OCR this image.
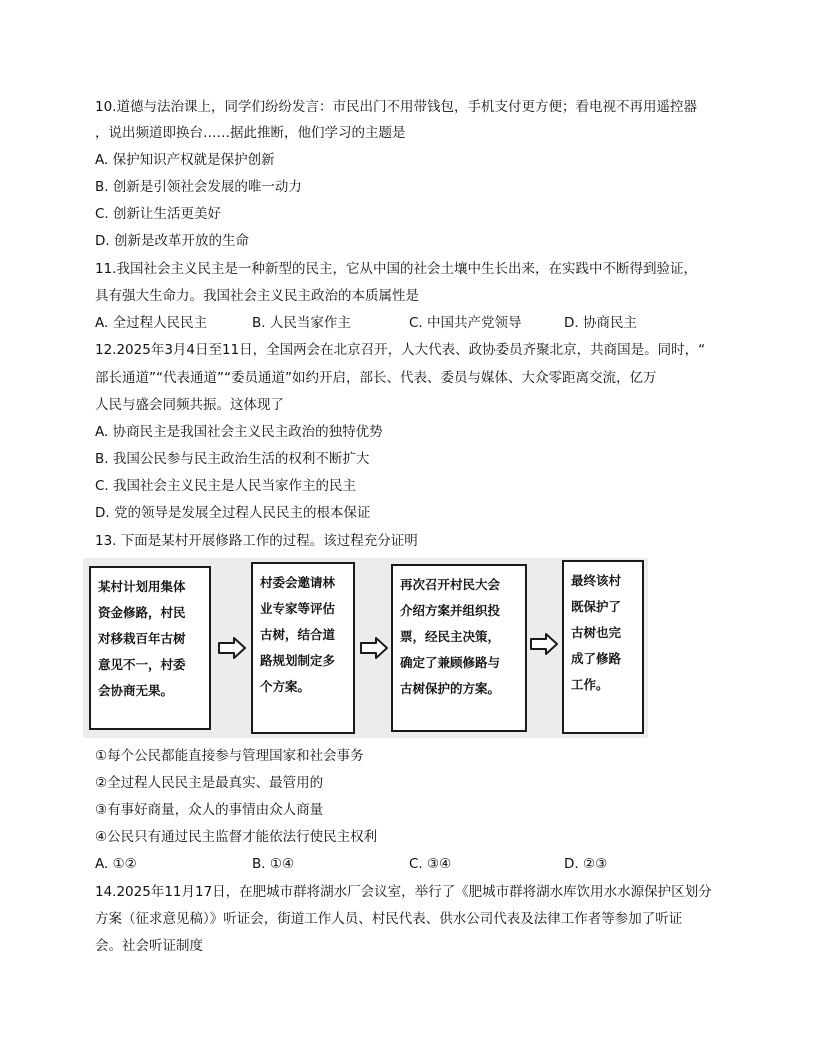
10.道德与法治课上，同学们纷纷发言：市民出门不用带钱包，手机支付更方便；看电视不再用遥控器
，说出频道即换台……据此推断，他们学习的主题是
A. 保护知识产权就是保护创新
B. 创新是引领社会发展的唯一动力
C. 创新让生活更美好
D. 创新是改革开放的生命
11.我国社会主义民主是一种新型的民主，它从中国的社会土壤中生长出来，在实践中不断得到验证，
具有强大生命力。我国社会主义民主政治的本质属性是
A. 全过程人民民主	B. 人民当家作主	C. 中国共产党领导	D. 协商民主
12.2025年3月4日至11日，全国两会在北京召开，人大代表、政协委员齐聚北京，共商国是。同时，“
部长通道”“代表通道”“委员通道”如约开启，部长、代表、委员与媒体、大众零距离交流，亿万
人民与盛会同频共振。这体现了
A. 协商民主是我国社会主义民主政治的独特优势
B. 我国公民参与民主政治生活的权利不断扩大
C. 我国社会主义民主是人民当家作主的民主
D. 党的领导是发展全过程人民民主的根本保证
13. 下面是某村开展修路工作的过程。该过程充分证明
某村计划用集体
资金修路，村民
对移栽百年古树
意见不一，村委
会协商无果。
村委会邀请林
业专家等评估
古树，结合道
路规划制定多
个方案。
再次召开村民大会
介绍方案并组织投
票，经民主决策，
确定了兼顾修路与
古树保护的方案。
最终该村
既保护了
古树也完
成了修路
工作。
①每个公民都能直接参与管理国家和社会事务
②全过程人民民主是最真实、最管用的
③有事好商量，众人的事情由众人商量
④公民只有通过民主监督才能依法行使民主权利
A. ①②	B. ①④	C. ③④	D. ②③
14.2025年11月17日，在肥城市群将湖水厂会议室，举行了《肥城市群将湖水库饮用水水源保护区划分
方案（征求意见稿）》听证会，街道工作人员、村民代表、供水公司代表及法律工作者等参加了听证
会。社会听证制度
